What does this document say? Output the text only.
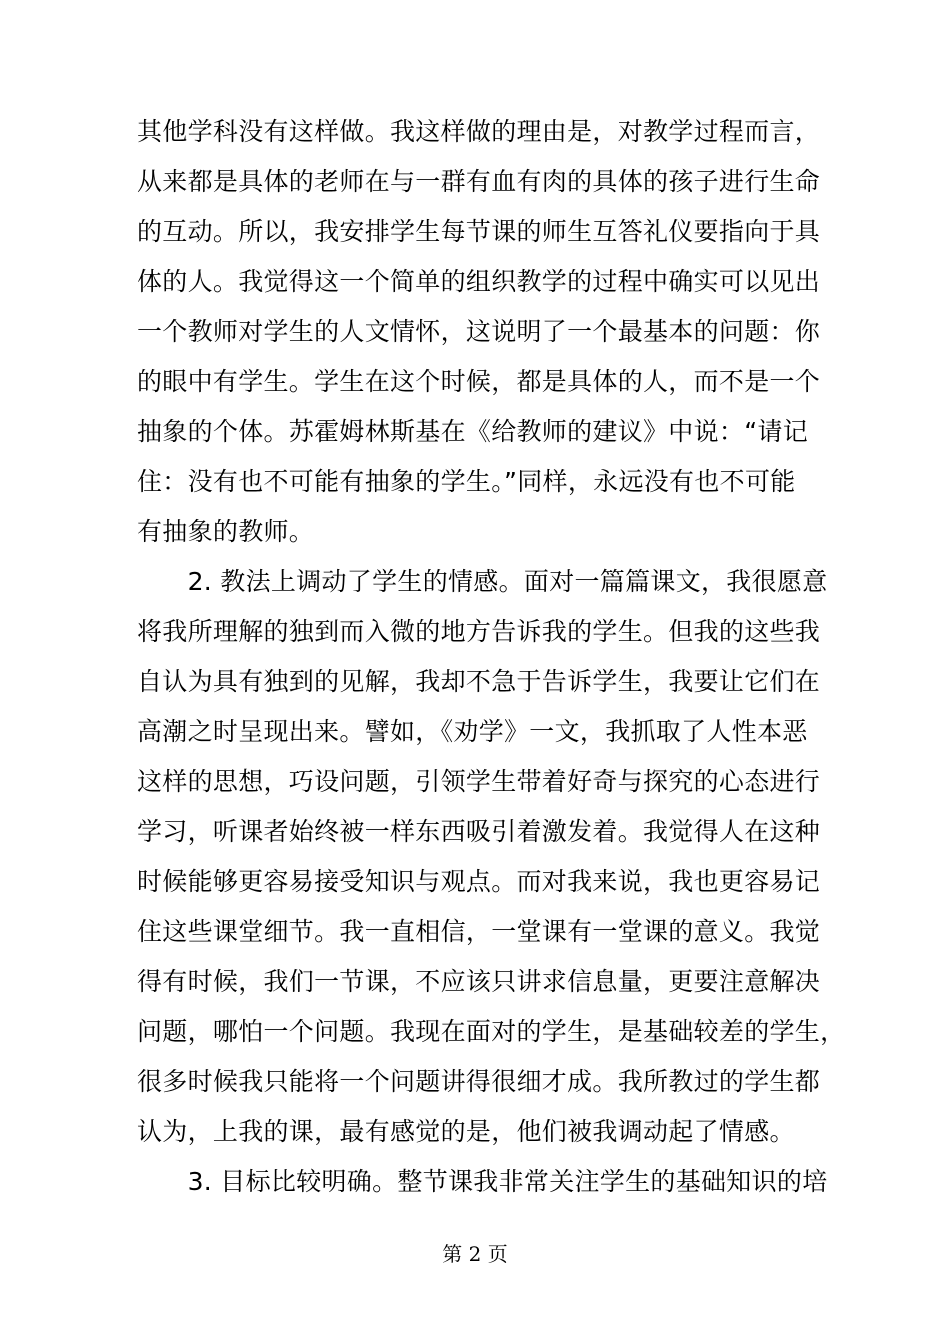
其他学科没有这样做。我这样做的理由是，对教学过程而言，
从来都是具体的老师在与一群有血有肉的具体的孩子进行生命
的互动。所以，我安排学生每节课的师生互答礼仪要指向于具
体的人。我觉得这一个简单的组织教学的过程中确实可以见出
一个教师对学生的人文情怀，这说明了一个最基本的问题：你
的眼中有学生。学生在这个时候，都是具体的人，而不是一个
抽象的个体。苏霍姆林斯基在《给教师的建议》中说：“请记
住：没有也不可能有抽象的学生。”同样，永远没有也不可能
有抽象的教师。
　　2. 教法上调动了学生的情感。面对一篇篇课文，我很愿意
将我所理解的独到而入微的地方告诉我的学生。但我的这些我
自认为具有独到的见解，我却不急于告诉学生，我要让它们在
高潮之时呈现出来。譬如，《劝学》一文，我抓取了人性本恶
这样的思想，巧设问题，引领学生带着好奇与探究的心态进行
学习，听课者始终被一样东西吸引着激发着。我觉得人在这种
时候能够更容易接受知识与观点。而对我来说，我也更容易记
住这些课堂细节。我一直相信，一堂课有一堂课的意义。我觉
得有时候，我们一节课，不应该只讲求信息量，更要注意解决
问题，哪怕一个问题。我现在面对的学生，是基础较差的学生，
很多时候我只能将一个问题讲得很细才成。我所教过的学生都
认为，上我的课，最有感觉的是，他们被我调动起了情感。
　　3. 目标比较明确。整节课我非常关注学生的基础知识的培
第 2 页
